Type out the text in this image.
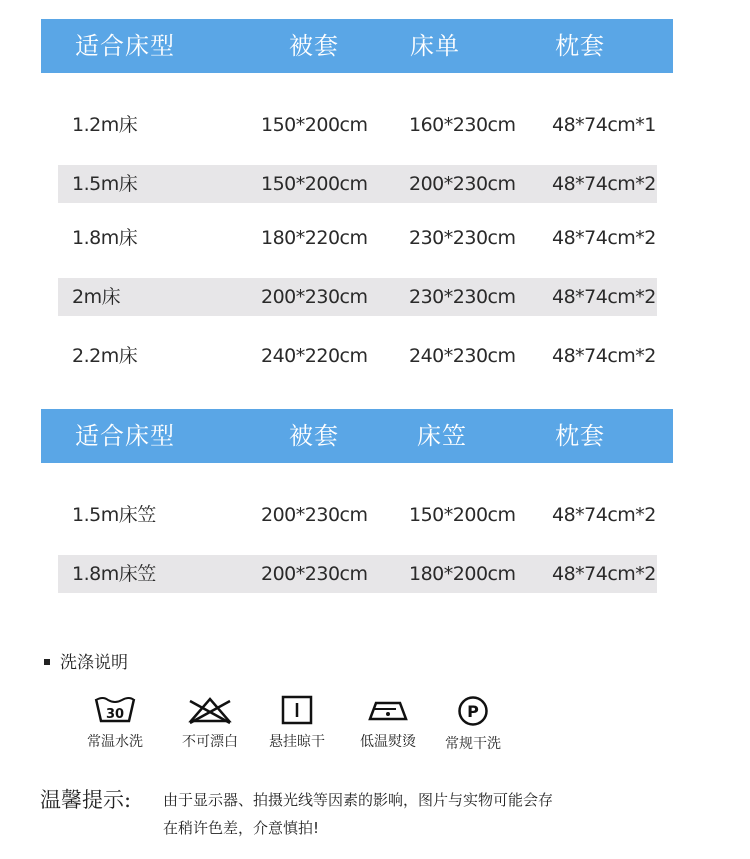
适合床型	被套	床单	枕套
1.2m床	150*200cm 160*230cm 48*74cm*1
1.5m床	150*200cm 200*230cm 48*74cm*2
1.8m床	180*220cm 230*230cm 48*74cm*2
2m床	200*230cm 230*230cm 48*74cm*2
2.2m床	240*220cm 240*230cm 48*74cm*2
适合床型	被套	床笠	枕套
1.5m床笠	200*230cm 150*200cm 48*74cm*2
1.8m床笠	200*230cm 180*200cm 48*74cm*2
洗涤说明
30
常温水洗	不可漂白	悬挂晾干	低温熨烫
P
常规干洗
温馨提示: 由于显示器、拍摄光线等因素的影响，图片与实物可能会存
在稍许色差，介意慎拍!
